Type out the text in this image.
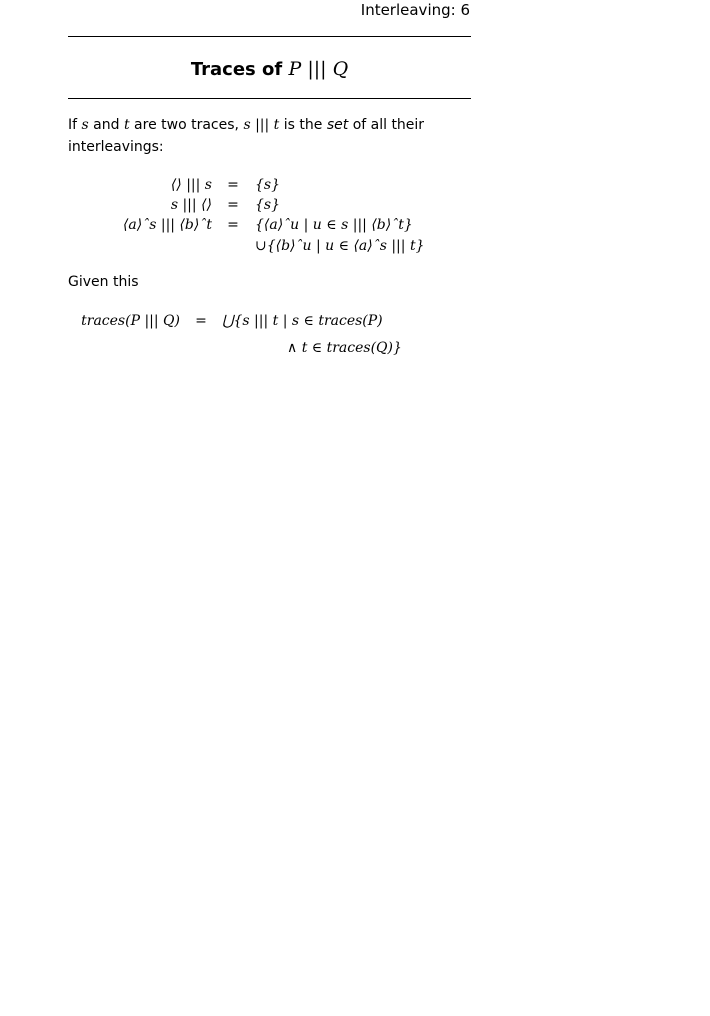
Interleaving: 6
Traces of P ||| Q
If s and t are two traces, s ||| t is the set of all their interleavings:
⟨⟩ ||| s	=	{s}
s ||| ⟨⟩	=	{s}
⟨a⟩ˆs ||| ⟨b⟩ˆt	=	{⟨a⟩ˆu | u ∈ s ||| ⟨b⟩ˆt}
∪{⟨b⟩ˆu | u ∈ ⟨a⟩ˆs ||| t}
Given this
traces(P ||| Q)	=	⋃{s ||| t | s ∈ traces(P)
∧ t ∈ traces(Q)}
